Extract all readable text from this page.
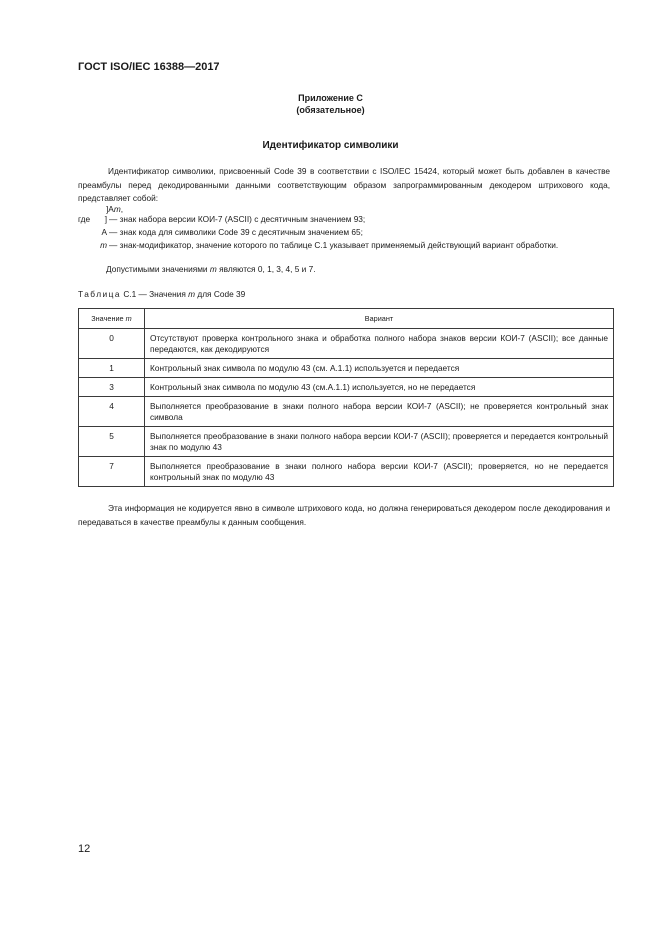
ГОСТ ISO/IEC 16388—2017
Приложение С
(обязательное)
Идентификатор символики

Идентификатор символики, присвоенный Code 39 в соответствии с ISO/IEC 15424, который может быть добавлен в качестве преамбулы перед декодированными данными соответствующим образом запрограммированным декодером штрихового кода, представляет собой:

]Am,
где	] — знак набора версии КОИ-7 (ASCII) с десятичным значением 93;
A — знак кода для символики Code 39 с десятичным значением 65;
m — знак-модификатор, значение которого по таблице С.1 указывает применяемый действующий вариант обработки.
Допустимыми значениями m являются 0, 1, 3, 4, 5 и 7.
Таблица С.1 — Значения m для Code 39
Значение m	Вариант
0	Отсутствуют проверка контрольного знака и обработка полного набора знаков версии КОИ-7 (ASCII); все данные передаются, как декодируются
1	Контрольный знак символа по модулю 43 (см. А.1.1) используется и передается
3	Контрольный знак символа по модулю 43 (см.А.1.1) используется, но не передается
4	Выполняется преобразование в знаки полного набора версии КОИ-7 (ASCII); не проверяется контрольный знак символа
5	Выполняется преобразование в знаки полного набора версии КОИ-7 (ASCII); проверяется и передается контрольный знак по модулю 43
7	Выполняется преобразование в знаки полного набора версии КОИ-7 (ASCII); проверяется, но не передается контрольный знак по модулю 43

Эта информация не кодируется явно в символе штрихового кода, но должна генерироваться декодером после декодирования и передаваться в качестве преамбулы к данным сообщения.

12
